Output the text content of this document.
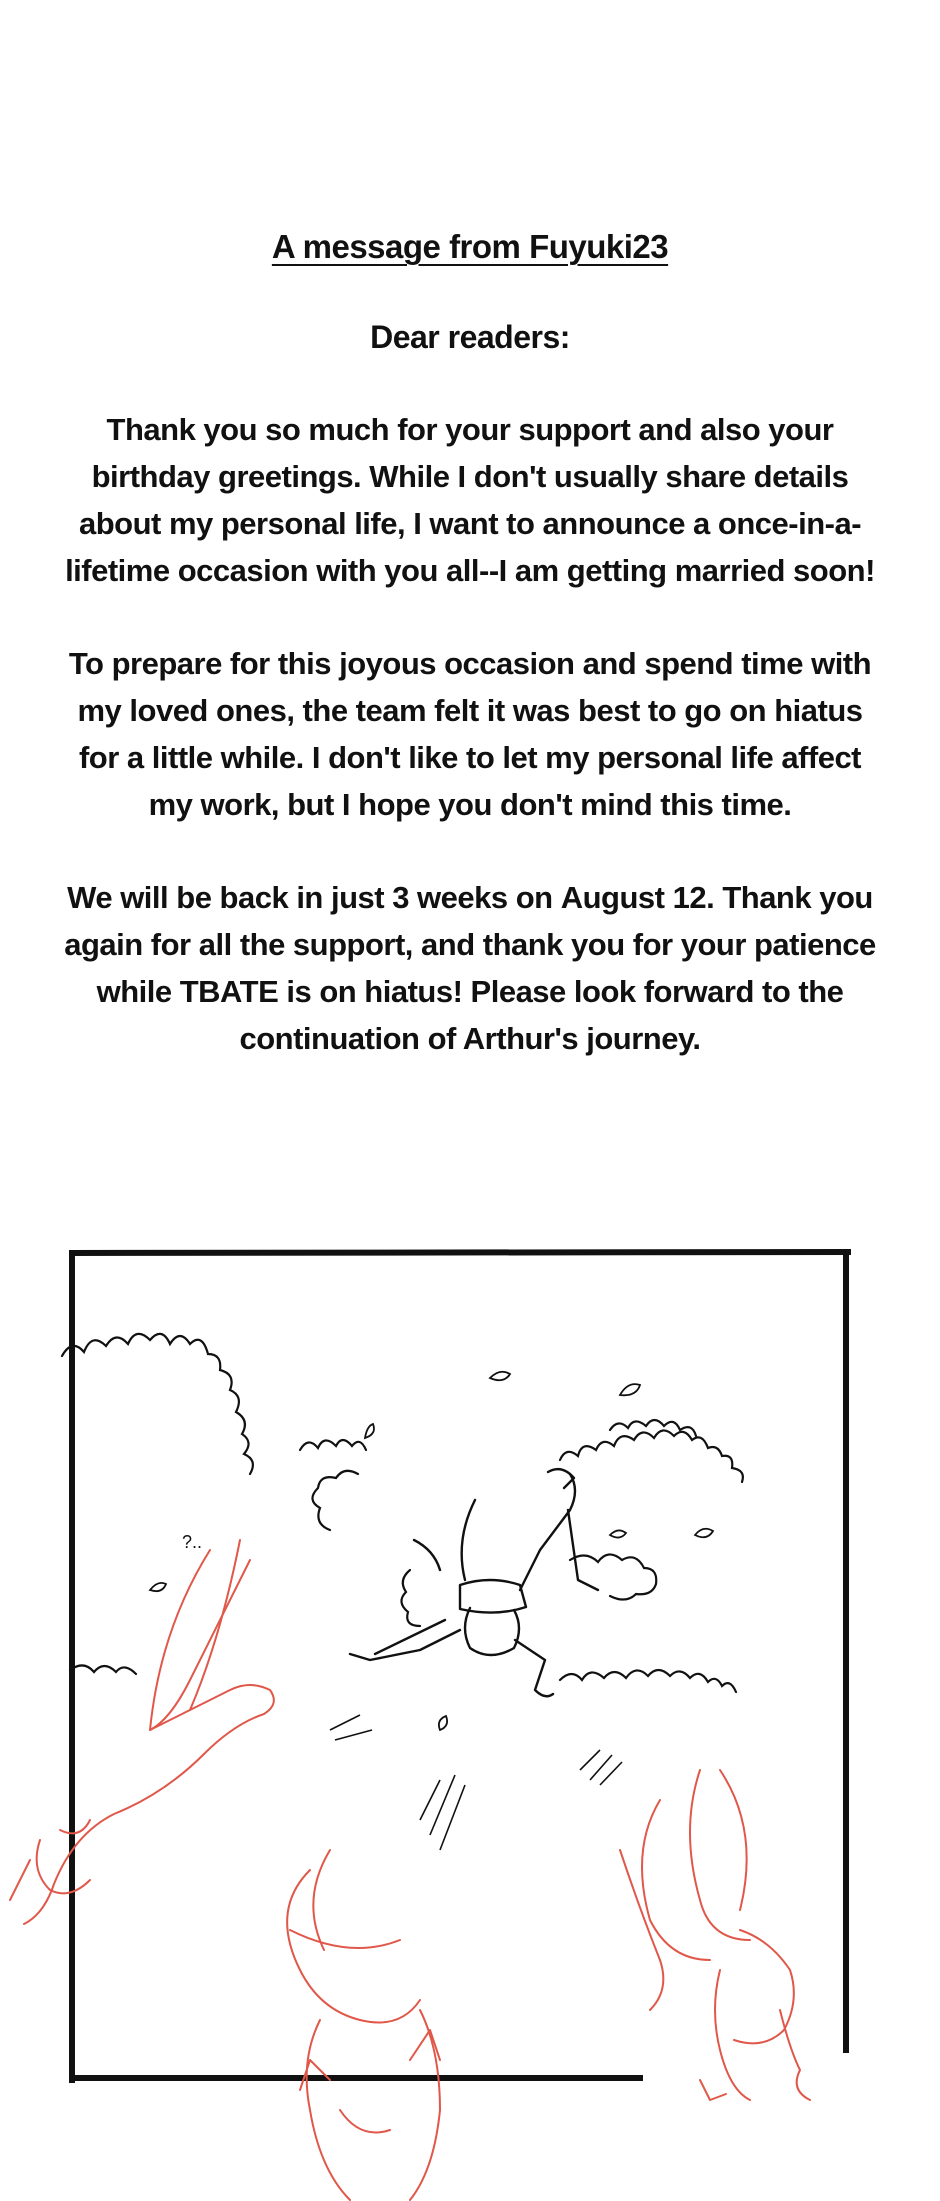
A message from Fuyuki23

Dear readers:

Thank you so much for your support and also your birthday greetings. While I don't usually share details about my personal life, I want to announce a once-in-a-lifetime occasion with you all--I am getting married soon!

To prepare for this joyous occasion and spend time with my loved ones, the team felt it was best to go on hiatus for a little while. I don't like to let my personal life affect my work, but I hope you don't mind this time.

We will be back in just 3 weeks on August 12. Thank you again for all the support, and thank you for your patience while TBATE is on hiatus! Please look forward to the continuation of Arthur's journey.

?..
